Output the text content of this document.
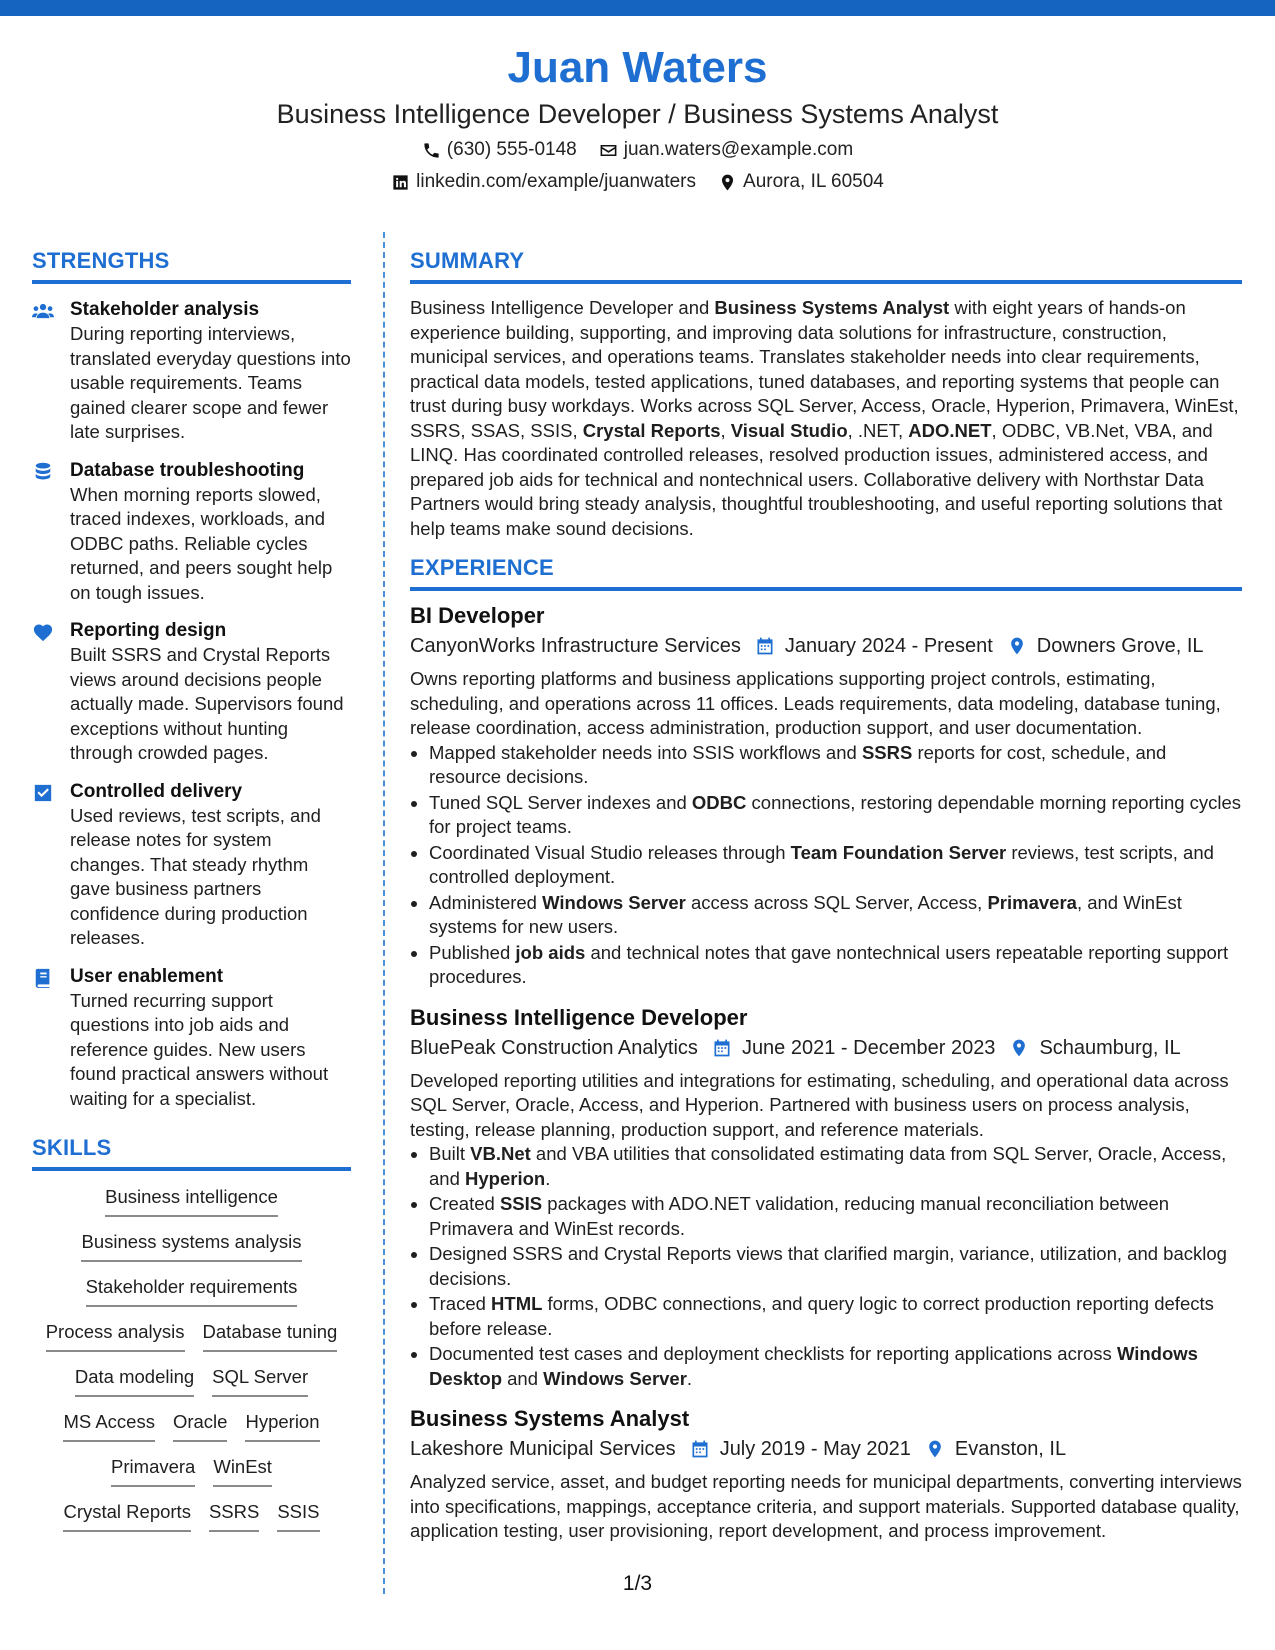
Juan Waters
Business Intelligence Developer / Business Systems Analyst
(630) 555-0148 juan.waters@example.com
linkedin.com/example/juanwaters Aurora, IL 60504
STRENGTHS
Stakeholder analysis
During reporting interviews, translated everyday questions into usable requirements. Teams gained clearer scope and fewer late surprises.
Database troubleshooting
When morning reports slowed, traced indexes, workloads, and ODBC paths. Reliable cycles returned, and peers sought help on tough issues.
Reporting design
Built SSRS and Crystal Reports views around decisions people actually made. Supervisors found exceptions without hunting through crowded pages.
Controlled delivery
Used reviews, test scripts, and release notes for system changes. That steady rhythm gave business partners confidence during production releases.
User enablement
Turned recurring support questions into job aids and reference guides. New users found practical answers without waiting for a specialist.
SKILLS
Business intelligence
Business systems analysis
Stakeholder requirements
Process analysis Database tuning
Data modeling SQL Server
MS Access Oracle Hyperion
Primavera WinEst
Crystal Reports SSRS SSIS
SUMMARY
Business Intelligence Developer and Business Systems Analyst with eight years of hands-on experience building, supporting, and improving data solutions for infrastructure, construction, municipal services, and operations teams. Translates stakeholder needs into clear requirements, practical data models, tested applications, tuned databases, and reporting systems that people can trust during busy workdays. Works across SQL Server, Access, Oracle, Hyperion, Primavera, WinEst, SSRS, SSAS, SSIS, Crystal Reports, Visual Studio, .NET, ADO.NET, ODBC, VB.Net, VBA, and LINQ. Has coordinated controlled releases, resolved production issues, administered access, and prepared job aids for technical and nontechnical users. Collaborative delivery with Northstar Data Partners would bring steady analysis, thoughtful troubleshooting, and useful reporting solutions that help teams make sound decisions.
EXPERIENCE
BI Developer
CanyonWorks Infrastructure Services January 2024 - Present Downers Grove, IL
Owns reporting platforms and business applications supporting project controls, estimating, scheduling, and operations across 11 offices. Leads requirements, data modeling, database tuning, release coordination, access administration, production support, and user documentation.
• Mapped stakeholder needs into SSIS workflows and SSRS reports for cost, schedule, and resource decisions.
• Tuned SQL Server indexes and ODBC connections, restoring dependable morning reporting cycles for project teams.
• Coordinated Visual Studio releases through Team Foundation Server reviews, test scripts, and controlled deployment.
• Administered Windows Server access across SQL Server, Access, Primavera, and WinEst systems for new users.
• Published job aids and technical notes that gave nontechnical users repeatable reporting support procedures.
Business Intelligence Developer
BluePeak Construction Analytics June 2021 - December 2023 Schaumburg, IL
Developed reporting utilities and integrations for estimating, scheduling, and operational data across SQL Server, Oracle, Access, and Hyperion. Partnered with business users on process analysis, testing, release planning, production support, and reference materials.
• Built VB.Net and VBA utilities that consolidated estimating data from SQL Server, Oracle, Access, and Hyperion.
• Created SSIS packages with ADO.NET validation, reducing manual reconciliation between Primavera and WinEst records.
• Designed SSRS and Crystal Reports views that clarified margin, variance, utilization, and backlog decisions.
• Traced HTML forms, ODBC connections, and query logic to correct production reporting defects before release.
• Documented test cases and deployment checklists for reporting applications across Windows Desktop and Windows Server.
Business Systems Analyst
Lakeshore Municipal Services July 2019 - May 2021 Evanston, IL
Analyzed service, asset, and budget reporting needs for municipal departments, converting interviews into specifications, mappings, acceptance criteria, and support materials. Supported database quality, application testing, user provisioning, report development, and process improvement.
1/3
